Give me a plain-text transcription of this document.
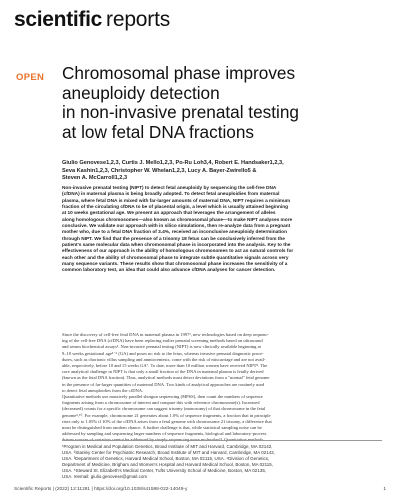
scientific reports
OPEN Chromosomal phase improves
aneuploidy detection
in non-invasive prenatal testing
at low fetal DNA fractions
Giulio Genovese1,2,3, Curtis J. Mello1,2,3, Po-Ru Loh3,4, Robert E. Handsaker1,2,3,
Seva Kashin1,2,3, Christopher W. Whelan1,2,3, Lucy A. Bayer-Zwirello5 &
Steven A. McCarroll1,2,3
Non-invasive prenatal testing (NIPT) to detect fetal aneuploidy by sequencing the cell-free DNA
(cfDNA) in maternal plasma is being broadly adopted. To detect fetal aneuploidies from maternal
plasma, where fetal DNA is mixed with far-larger amounts of maternal DNA, NIPT requires a minimum
fraction of the circulating cfDNA to be of placental origin, a level which is usually attained beginning
at 10 weeks gestational age. We present an approach that leverages the arrangement of alleles
along homologous chromosomes—also known as chromosomal phase—to make NIPT analyses more
conclusive. We validate our approach with in silico simulations, then re-analyze data from a pregnant
mother who, due to a fetal DNA fraction of 3.4%, received an inconclusive aneuploidy determination
through NIPT. We find that the presence of a trisomy 18 fetus can be conclusively inferred from the
patient's same molecular data when chromosomal phase is incorporated into the analysis. Key to the
effectiveness of our approach is the ability of homologous chromosomes to act as natural controls for
each other and the ability of chromosomal phase to integrate subtle quantitative signals across very
many sequence variants. These results show that chromosomal phase increases the sensitivity of a
common laboratory test, an idea that could also advance cfDNA analyses for cancer detection.
Since the discovery of cell-free fetal DNA in maternal plasma in 1997¹, new technologies based on deep sequenc-
ing of the cell-free DNA (cfDNA) have been replacing earlier prenatal screening methods based on ultrasound
and serum biochemical assays². Non-invasive prenatal testing (NIPT) is now clinically available beginning at
9–10 weeks gestational age³⁻⁶ (GA) and poses no risk to the fetus, whereas invasive prenatal diagnostic proce-
dures, such as chorionic villus sampling and amniocentesis, come with the risk of miscarriage and are not avail-
able, respectively, before 10 and 15 weeks GA⁷. To date, more than 10 million women have received NIPT⁸. The
core analytical challenge in NIPT is that only a small fraction of the DNA in maternal plasma is fetally derived
(known as the fetal DNA fraction). Thus, analytical methods must detect deviations from a "normal" fetal genome
in the presence of far-larger quantities of maternal DNA. Two kinds of analytical approaches are routinely used
to detect fetal aneuploidies from the cfDNA.
Quantitative methods use massively parallel shotgun sequencing (MPSS), then count the numbers of sequence
fragments arising from a chromosome of interest and compare this with reference chromosome(s). Increased
(decreased) counts for a specific chromosome can suggest trisomy (monosomy) of that chromosome in the fetal
genome⁹,¹⁰. For example, chromosome 21 generates about 1.0% of sequence fragments, a fraction that in principle
rises only to 1.05% if 10% of the cfDNA arises from a fetal genome with chromosome 21 trisomy, a difference that
must be distinguished from random chance. A further challenge is that, while statistical sampling noise can be
addressed by sampling and sequencing larger numbers of sequence fragments, biological and laboratory-process
driven sources of variation cannot be addressed by simply sequencing more molecules¹¹. Quantitative methods
¹Program in Medical and Population Genetics, Broad Institute of MIT and Harvard, Cambridge, MA 02142,
USA. ²Stanley Center for Psychiatric Research, Broad Institute of MIT and Harvard, Cambridge, MA 02142,
USA. ³Department of Genetics, Harvard Medical School, Boston, MA 02115, USA. ⁴Division of Genetics,
Department of Medicine, Brigham and Women's Hospital and Harvard Medical School, Boston, MA 02115,
USA. ⁵Steward St. Elizabeth's Medical Center, Tufts University School of Medicine, Boston, MA 02135,
USA. ✉email: giulio.genovese@gmail.com
Scientific Reports | (2022) 12:11281 | https://doi.org/10.1038/s41598-022-14049-y	1
